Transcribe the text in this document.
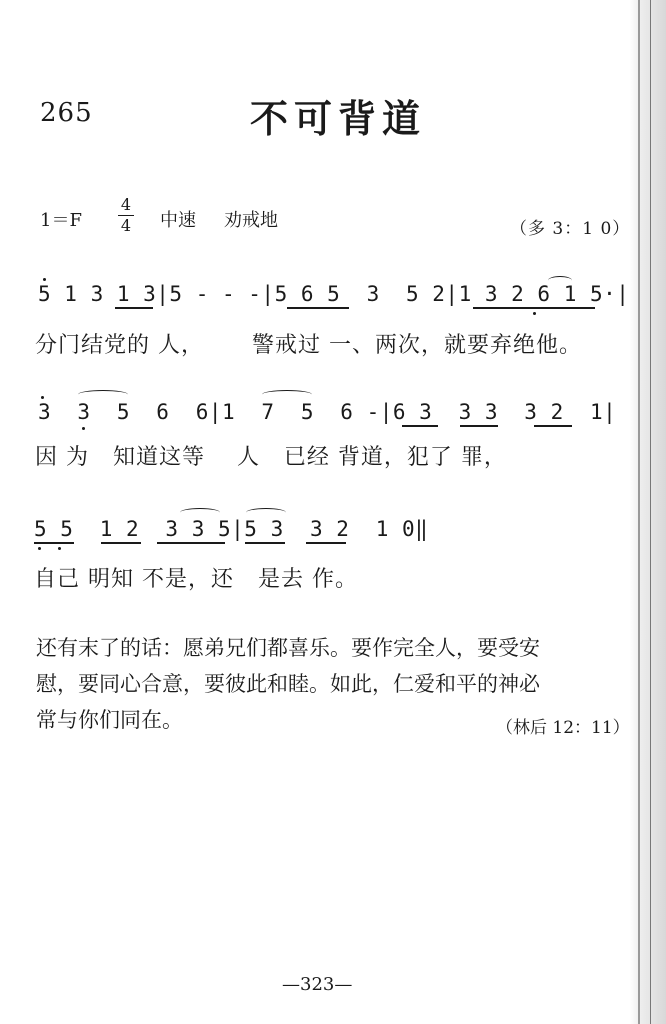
265	不可背道
1＝F
4
4 中速 劝戒地	（多 3：1 0）
5 1 3 1 3|5 - - -|5 6 5  3  5 2|1 3 2 6 1 5·|
分门结党的 人，      警戒过 一、两次，就要弃绝他。
3  3  5  6  6|1  7  5  6 -|6 3  3 3  3 2  1|
因 为   知道这等    人   已经 背道，犯了 罪，
5 5  1 2  3 3 5|5 3  3 2  1 0‖
自己 明知 不是，还   是去 作。
还有末了的话：愿弟兄们都喜乐。要作完全人，要受安
慰，要同心合意，要彼此和睦。如此，仁爱和平的神必
常与你们同在。	（林后 12：11）
—323—
